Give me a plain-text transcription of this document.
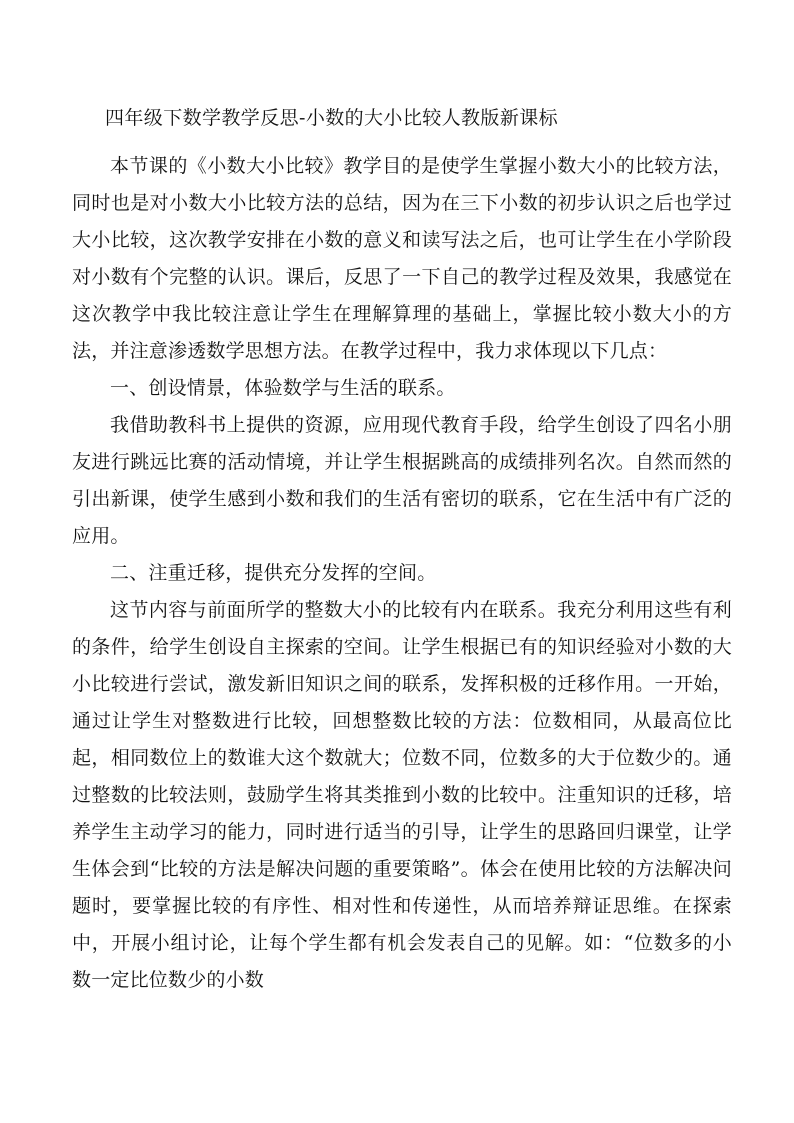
四年级下数学教学反思-小数的大小比较人教版新课标

本节课的《小数大小比较》教学目的是使学生掌握小数大小的比较方法，同时也是对小数大小比较方法的总结，因为在三下小数的初步认识之后也学过大小比较，这次教学安排在小数的意义和读写法之后，也可让学生在小学阶段对小数有个完整的认识。课后，反思了一下自己的教学过程及效果，我感觉在这次教学中我比较注意让学生在理解算理的基础上，掌握比较小数大小的方法，并注意渗透数学思想方法。在教学过程中，我力求体现以下几点：

一、创设情景，体验数学与生活的联系。

我借助教科书上提供的资源，应用现代教育手段，给学生创设了四名小朋友进行跳远比赛的活动情境，并让学生根据跳高的成绩排列名次。自然而然的引出新课，使学生感到小数和我们的生活有密切的联系，它在生活中有广泛的应用。

二、注重迁移，提供充分发挥的空间。

这节内容与前面所学的整数大小的比较有内在联系。我充分利用这些有利的条件，给学生创设自主探索的空间。让学生根据已有的知识经验对小数的大小比较进行尝试，激发新旧知识之间的联系，发挥积极的迁移作用。一开始，通过让学生对整数进行比较，回想整数比较的方法：位数相同，从最高位比起，相同数位上的数谁大这个数就大；位数不同，位数多的大于位数少的。通过整数的比较法则，鼓励学生将其类推到小数的比较中。注重知识的迁移，培养学生主动学习的能力，同时进行适当的引导，让学生的思路回归课堂，让学生体会到“比较的方法是解决问题的重要策略”。体会在使用比较的方法解决问题时，要掌握比较的有序性、相对性和传递性，从而培养辩证思维。在探索中，开展小组讨论，让每个学生都有机会发表自己的见解。如：“位数多的小数一定比位数少的小数
